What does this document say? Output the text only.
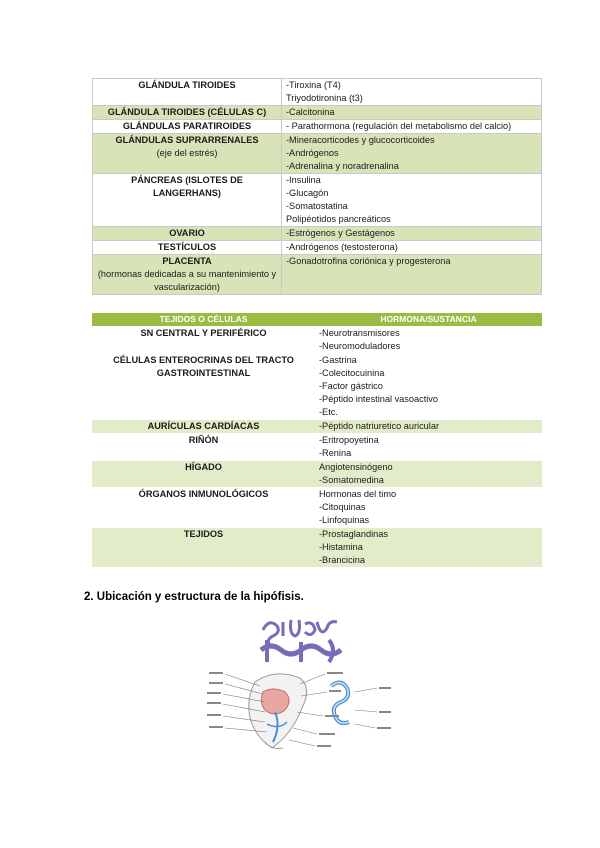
GLÁNDULA TIROIDES	-Tiroxina (T4)
Triyodotironina (t3)

GLÁNDULA TIROIDES (CÉLULAS C)	-Calcitonina

GLÁNDULAS PARATIROIDES	- Parathormona (regulación del metabolismo del calcio)

GLÁNDULAS SUPRARRENALES
(eje del estrés)	-Mineracorticodes y glucocorticoides
-Andrógenos
-Adrenalina y noradrenalina

PÁNCREAS (ISLOTES DE LANGERHANS)	-Insulina
-Glucagón
-Somatostatina
Polipéotidos pancreáticos

OVARIO	-Estrógenos y Gestágenos

TESTÍCULOS	-Andrógenos (testosterona)

PLACENTA
(hormonas dedicadas a su mantenimiento y vascularización)	-Gonadotrofina coriónica y progesterona
TEJIDOS O CÉLULAS	HORMONA/SUSTANCIA
SN CENTRAL Y PERIFÉRICO	-Neurotransmisores
-Neuromoduladores

CÉLULAS ENTEROCRINAS DEL TRACTO GASTROINTESTINAL	-Gastrina
-Colecitocuinina
-Factor gástrico
-Péptido intestinal vasoactivo
-Etc.

AURÍCULAS CARDÍACAS	-Péptido natriuretico auricular

RIÑÓN	-Eritropoyetina
-Renina

HÍGADO	Angiotensinógeno
-Somatomedina

ÓRGANOS INMUNOLÓGICOS	Hormonas del timo
-Citoquinas
-Linfoquinas

TEJIDOS	-Prostaglandinas
-Histamina
-Brancicina
2. Ubicación y estructura de la hipófisis.
